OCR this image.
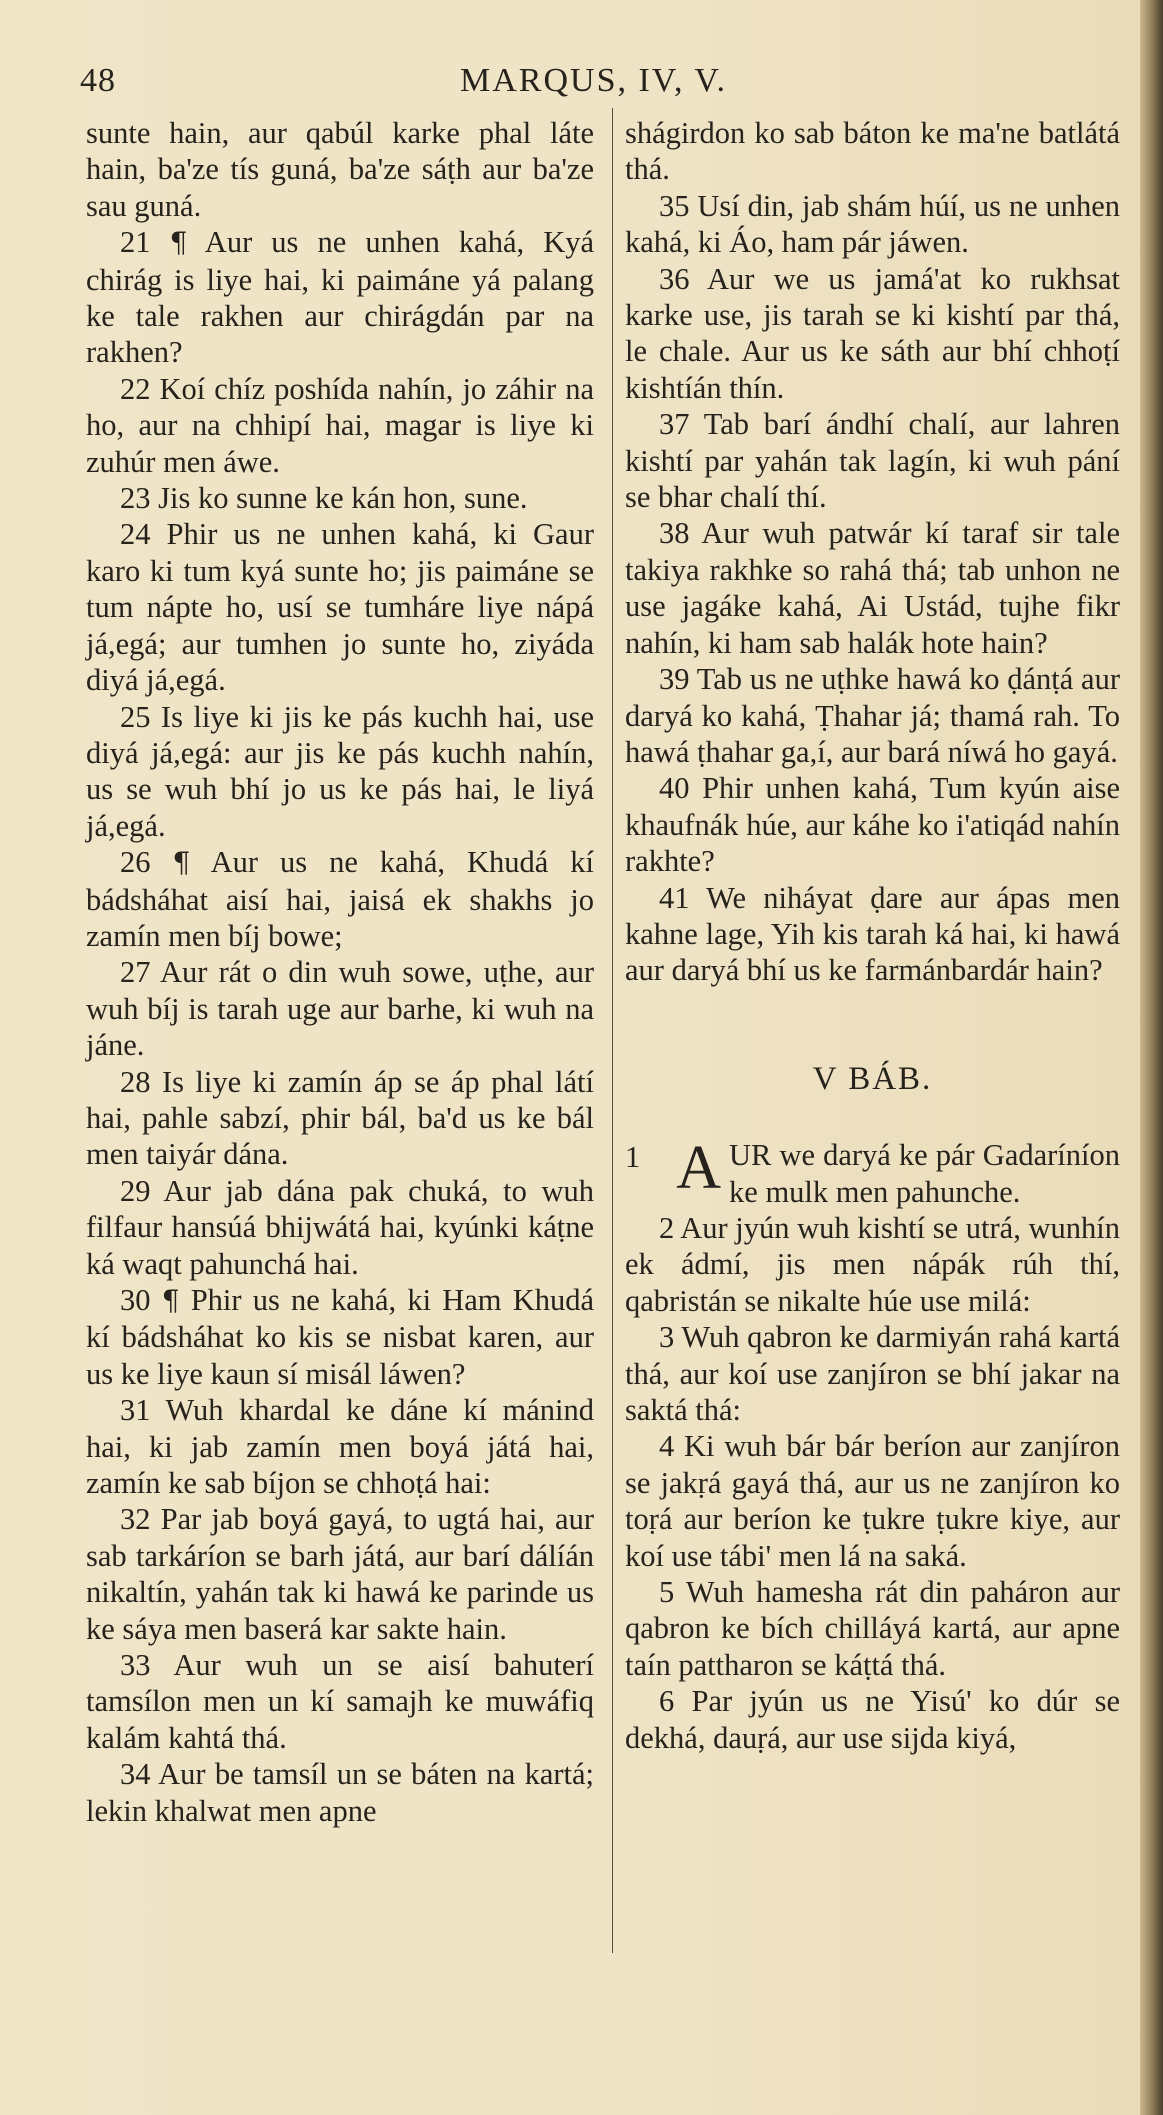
48	MARQUS, IV, V.

sunte hain, aur qabúl karke phal láte hain, ba'ze tís guná, ba'ze sáṭh aur ba'ze sau guná.

21 ¶ Aur us ne unhen kahá, Kyá chirág is liye hai, ki paimáne yá palang ke tale rakhen aur chirágdán par na rakhen?

22 Koí chíz poshída nahín, jo záhir na ho, aur na chhipí hai, magar is liye ki zuhúr men áwe.

23 Jis ko sunne ke kán hon, sune.

24 Phir us ne unhen kahá, ki Gaur karo ki tum kyá sunte ho; jis paimáne se tum nápte ho, usí se tumháre liye nápá já,egá; aur tumhen jo sunte ho, ziyáda diyá já,egá.

25 Is liye ki jis ke pás kuchh hai, use diyá já,egá: aur jis ke pás kuchh nahín, us se wuh bhí jo us ke pás hai, le liyá já,egá.

26 ¶ Aur us ne kahá, Khudá kí bádsháhat aisí hai, jaisá ek shakhs jo zamín men bíj bowe;

27 Aur rát o din wuh sowe, uṭhe, aur wuh bíj is tarah uge aur barhe, ki wuh na jáne.

28 Is liye ki zamín áp se áp phal látí hai, pahle sabzí, phir bál, ba'd us ke bál men taiyár dána.

29 Aur jab dána pak chuká, to wuh filfaur hansúá bhijwátá hai, kyúnki káṭne ká waqt pahunchá hai.

30 ¶ Phir us ne kahá, ki Ham Khudá kí bádsháhat ko kis se nisbat karen, aur us ke liye kaun sí misál láwen?

31 Wuh khardal ke dáne kí mánind hai, ki jab zamín men boyá játá hai, zamín ke sab bíjon se chhoṭá hai:

32 Par jab boyá gayá, to ugtá hai, aur sab tarkáríon se barh játá, aur barí dálíán nikaltín, yahán tak ki hawá ke parinde us ke sáya men baserá kar sakte hain.

33 Aur wuh un se aisí bahuterí tamsílon men un kí samajh ke muwáfiq kalám kahtá thá.

34 Aur be tamsíl un se báten na kartá; lekin khalwat men apne

shágirdon ko sab báton ke ma'ne batlátá thá.

35 Usí din, jab shám húí, us ne unhen kahá, ki Áo, ham pár jáwen.

36 Aur we us jamá'at ko rukhsat karke use, jis tarah se ki kishtí par thá, le chale. Aur us ke sáth aur bhí chhoṭí kishtíán thín.

37 Tab barí ándhí chalí, aur lahren kishtí par yahán tak lagín, ki wuh pání se bhar chalí thí.

38 Aur wuh patwár kí taraf sir tale takiya rakhke so rahá thá; tab unhon ne use jagáke kahá, Ai Ustád, tujhe fikr nahín, ki ham sab halák hote hain?

39 Tab us ne uṭhke hawá ko ḍánṭá aur daryá ko kahá, Ṭhahar já; thamá rah. To hawá ṭhahar ga,í, aur bará níwá ho gayá.

40 Phir unhen kahá, Tum kyún aise khaufnák húe, aur káhe ko i'atiqád nahín rakhte?

41 We niháyat ḍare aur ápas men kahne lage, Yih kis tarah ká hai, ki hawá aur daryá bhí us ke farmánbardár hain?

V BÁB.

1 A UR we daryá ke pár Gadaríníon ke mulk men pahunche.

2 Aur jyún wuh kishtí se utrá, wunhín ek ádmí, jis men nápák rúh thí, qabristán se nikalte húe use milá:

3 Wuh qabron ke darmiyán rahá kartá thá, aur koí use zanjíron se bhí jakar na saktá thá:

4 Ki wuh bár bár beríon aur zanjíron se jakṛá gayá thá, aur us ne zanjíron ko toṛá aur beríon ke ṭukre ṭukre kiye, aur koí use tábi' men lá na saká.

5 Wuh hamesha rát din paháron aur qabron ke bích chilláyá kartá, aur apne taín pattharon se káṭtá thá.

6 Par jyún us ne Yisú' ko dúr se dekhá, dauṛá, aur use sijda kiyá,
